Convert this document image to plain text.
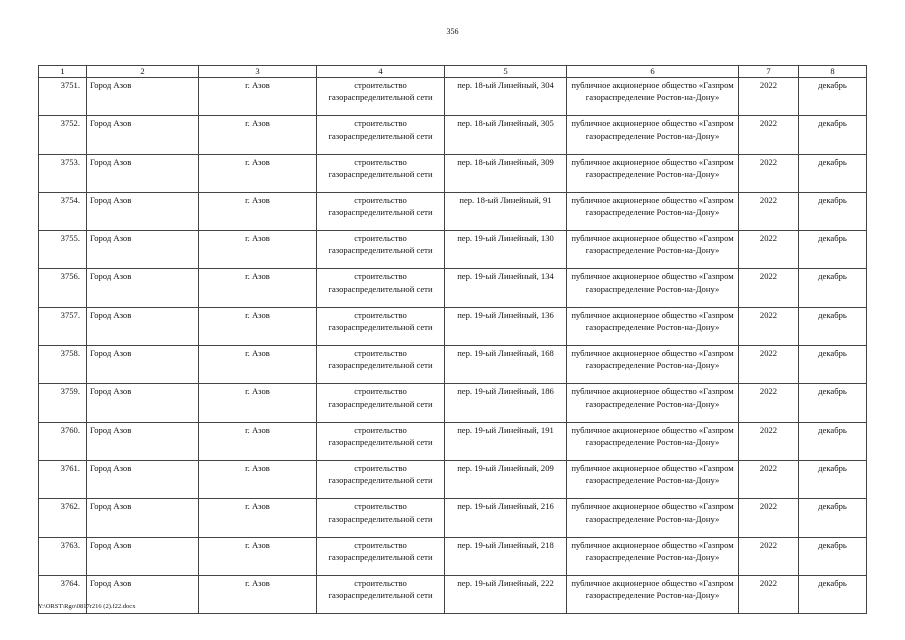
356
1	2	3	4	5	6	7	8
3751.	Город Азов	г. Азов	строительство газораспределительной сети	пер. 18-ый Линейный, 304	публичное акционерное общество «Газпром газораспределение Ростов-на-Дону»	2022	декабрь
3752.	Город Азов	г. Азов	строительство газораспределительной сети	пер. 18-ый Линейный, 305	публичное акционерное общество «Газпром газораспределение Ростов-на-Дону»	2022	декабрь
3753.	Город Азов	г. Азов	строительство газораспределительной сети	пер. 18-ый Линейный, 309	публичное акционерное общество «Газпром газораспределение Ростов-на-Дону»	2022	декабрь
3754.	Город Азов	г. Азов	строительство газораспределительной сети	пер. 18-ый Линейный, 91	публичное акционерное общество «Газпром газораспределение Ростов-на-Дону»	2022	декабрь
3755.	Город Азов	г. Азов	строительство газораспределительной сети	пер. 19-ый Линейный, 130	публичное акционерное общество «Газпром газораспределение Ростов-на-Дону»	2022	декабрь
3756.	Город Азов	г. Азов	строительство газораспределительной сети	пер. 19-ый Линейный, 134	публичное акционерное общество «Газпром газораспределение Ростов-на-Дону»	2022	декабрь
3757.	Город Азов	г. Азов	строительство газораспределительной сети	пер. 19-ый Линейный, 136	публичное акционерное общество «Газпром газораспределение Ростов-на-Дону»	2022	декабрь
3758.	Город Азов	г. Азов	строительство газораспределительной сети	пер. 19-ый Линейный, 168	публичное акционерное общество «Газпром газораспределение Ростов-на-Дону»	2022	декабрь
3759.	Город Азов	г. Азов	строительство газораспределительной сети	пер. 19-ый Линейный, 186	публичное акционерное общество «Газпром газораспределение Ростов-на-Дону»	2022	декабрь
3760.	Город Азов	г. Азов	строительство газораспределительной сети	пер. 19-ый Линейный, 191	публичное акционерное общество «Газпром газораспределение Ростов-на-Дону»	2022	декабрь
3761.	Город Азов	г. Азов	строительство газораспределительной сети	пер. 19-ый Линейный, 209	публичное акционерное общество «Газпром газораспределение Ростов-на-Дону»	2022	декабрь
3762.	Город Азов	г. Азов	строительство газораспределительной сети	пер. 19-ый Линейный, 216	публичное акционерное общество «Газпром газораспределение Ростов-на-Дону»	2022	декабрь
3763.	Город Азов	г. Азов	строительство газораспределительной сети	пер. 19-ый Линейный, 218	публичное акционерное общество «Газпром газораспределение Ростов-на-Дону»	2022	декабрь
3764.	Город Азов	г. Азов	строительство газораспределительной сети	пер. 19-ый Линейный, 222	публичное акционерное общество «Газпром газораспределение Ростов-на-Дону»	2022	декабрь
Y:\ORST\Rgo\0817r216 (2).f22.docx
